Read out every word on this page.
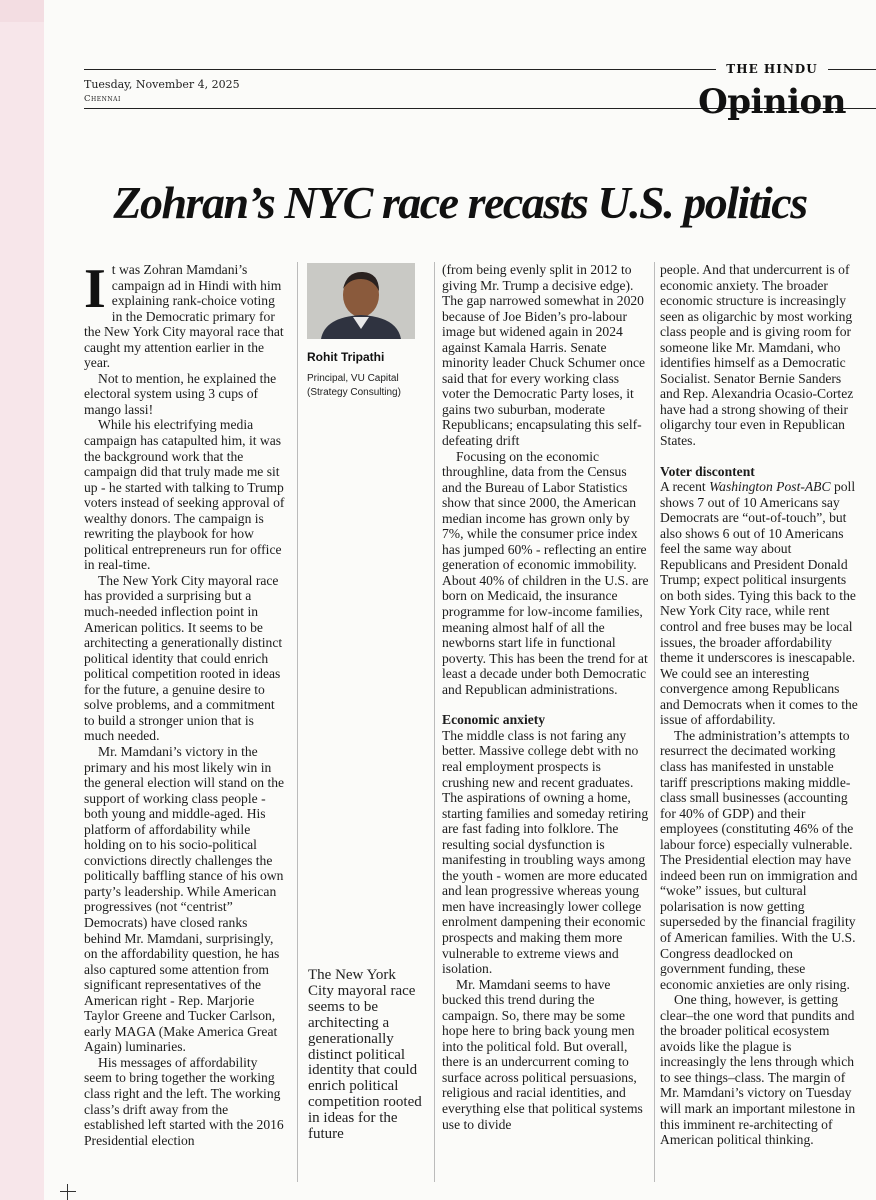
Tuesday, November 4, 2025
Chennai
THE HINDU
Opinion
Zohran’s NYC race recasts U.S. politics
I t was Zohran Mamdani’s campaign ad in Hindi with him explaining rank-choice voting in the Democratic primary for the New York City mayoral race that caught my attention earlier in the year.

Not to mention, he explained the electoral system using 3 cups of mango lassi!

While his electrifying media campaign has catapulted him, it was the background work that the campaign did that truly made me sit up - he started with talking to Trump voters instead of seeking approval of wealthy donors. The campaign is rewriting the playbook for how political entrepreneurs run for office in real-time.

The New York City mayoral race has provided a surprising but a much-needed inflection point in American politics. It seems to be architecting a generationally distinct political identity that could enrich political competition rooted in ideas for the future, a genuine desire to solve problems, and a commitment to build a stronger union that is much needed.

Mr. Mamdani’s victory in the primary and his most likely win in the general election will stand on the support of working class people - both young and middle-aged. His platform of affordability while holding on to his socio-political convictions directly challenges the politically baffling stance of his own party’s leadership. While American progressives (not “centrist” Democrats) have closed ranks behind Mr. Mamdani, surprisingly, on the affordability question, he has also captured some attention from significant representatives of the American right - Rep. Marjorie Taylor Greene and Tucker Carlson, early MAGA (Make America Great Again) luminaries.

His messages of affordability seem to bring together the working class right and the left. The working class’s drift away from the established left started with the 2016 Presidential election

Rohit Tripathi
Principal, VU Capital (Strategy Consulting)
The New York City mayoral race seems to be architecting a generationally distinct political identity that could enrich political competition rooted in ideas for the future

(from being evenly split in 2012 to giving Mr. Trump a decisive edge). The gap narrowed somewhat in 2020 because of Joe Biden’s pro-labour image but widened again in 2024 against Kamala Harris. Senate minority leader Chuck Schumer once said that for every working class voter the Democratic Party loses, it gains two suburban, moderate Republicans; encapsulating this self-defeating drift

Focusing on the economic throughline, data from the Census and the Bureau of Labor Statistics show that since 2000, the American median income has grown only by 7%, while the consumer price index has jumped 60% - reflecting an entire generation of economic immobility. About 40% of children in the U.S. are born on Medicaid, the insurance programme for low-income families, meaning almost half of all the newborns start life in functional poverty. This has been the trend for at least a decade under both Democratic and Republican administrations.

Economic anxiety

The middle class is not faring any better. Massive college debt with no real employment prospects is crushing new and recent graduates. The aspirations of owning a home, starting families and someday retiring are fast fading into folklore. The resulting social dysfunction is manifesting in troubling ways among the youth - women are more educated and lean progressive whereas young men have increasingly lower college enrolment dampening their economic prospects and making them more vulnerable to extreme views and isolation.

Mr. Mamdani seems to have bucked this trend during the campaign. So, there may be some hope here to bring back young men into the political fold. But overall, there is an undercurrent coming to surface across political persuasions, religious and racial identities, and everything else that political systems use to divide

people. And that undercurrent is of economic anxiety. The broader economic structure is increasingly seen as oligarchic by most working class people and is giving room for someone like Mr. Mamdani, who identifies himself as a Democratic Socialist. Senator Bernie Sanders and Rep. Alexandria Ocasio-Cortez have had a strong showing of their oligarchy tour even in Republican States.

Voter discontent

A recent Washington Post-ABC poll shows 7 out of 10 Americans say Democrats are “out-of-touch”, but also shows 6 out of 10 Americans feel the same way about Republicans and President Donald Trump; expect political insurgents on both sides. Tying this back to the New York City race, while rent control and free buses may be local issues, the broader affordability theme it underscores is inescapable. We could see an interesting convergence among Republicans and Democrats when it comes to the issue of affordability.

The administration’s attempts to resurrect the decimated working class has manifested in unstable tariff prescriptions making middle-class small businesses (accounting for 40% of GDP) and their employees (constituting 46% of the labour force) especially vulnerable. The Presidential election may have indeed been run on immigration and “woke” issues, but cultural polarisation is now getting superseded by the financial fragility of American families. With the U.S. Congress deadlocked on government funding, these economic anxieties are only rising.

One thing, however, is getting clear–the one word that pundits and the broader political ecosystem avoids like the plague is increasingly the lens through which to see things–class. The margin of Mr. Mamdani’s victory on Tuesday will mark an important milestone in this imminent re-architecting of American political thinking.
